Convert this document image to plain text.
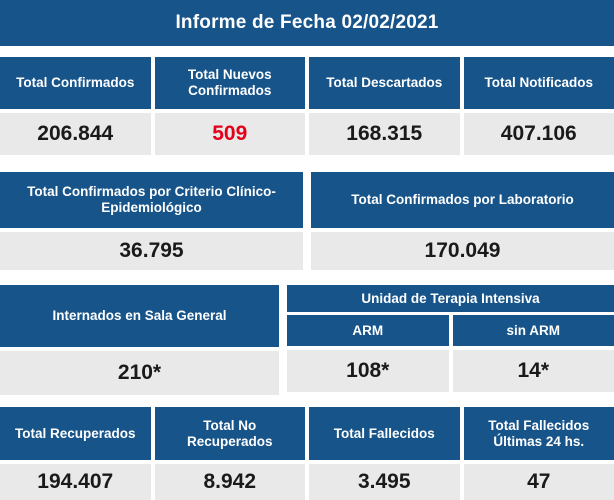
Informe de Fecha 02/02/2021
Total Confirmados
206.844
Total Nuevos Confirmados
509
Total Descartados
168.315
Total Notificados
407.106
Total Confirmados por Criterio Clínico-Epidemiológico
36.795
Total Confirmados por Laboratorio
170.049
Internados en Sala General
210*
Unidad de Terapia Intensiva
ARM
108*
sin ARM
14*
Total Recuperados
194.407
Total No Recuperados
8.942
Total Fallecidos
3.495
Total Fallecidos Últimas 24 hs.
47
